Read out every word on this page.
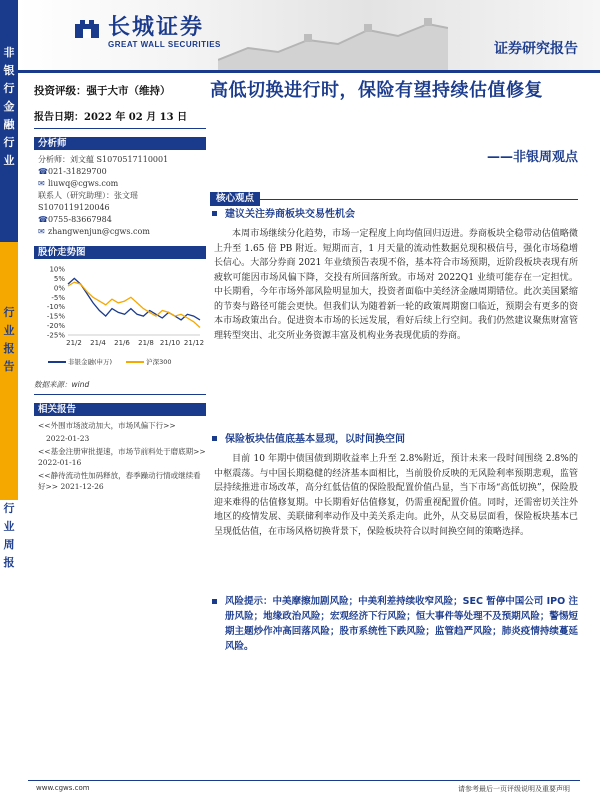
非银行金融行业
行业报告
行业周报
长城证券
GREAT WALL SECURITIES	证券研究报告
投资评级：强于大市（维持）
报告日期：2022 年 02 月 13 日
分析师
分析师：刘文蕴 S1070517110001
☎021-31829700
✉ liuwq@cgws.com
联系人（研究助理）：张文瑶
S1070119120046
☎0755-83667984
✉ zhangwenjun@cgws.com
股价走势图
10%
5%
0%
-5%
-10%
-15%
-20%
-25%
21/2 21/4 21/6 21/8 21/10 21/12
非银金融(申万)	沪深300
数据来源：wind
相关报告
<<外围市场波动加大，市场风偏下行>>
2022-01-23
<<基金注册审批提速，市场节前料处于磨底期>> 2022-01-16
<<静待流动性加码释放，春季躁动行情或继续看好>> 2021-12-26
高低切换进行时，保险有望持续估值修复
——非银周观点
核心观点
建议关注券商板块交易性机会
本周市场继续分化趋势，市场一定程度上向均值回归迈进。券商板块全稳带动估值略微上升至 1.65 倍 PB 附近。短期而言，1 月天量的流动性数据兑现积极信号，强化市场稳增长信心。大部分券商 2021 年业绩预告表现不俗，基本符合市场预期，近阶段板块表现有所疲软可能因市场风偏下降，交投有所回落所致。市场对 2022Q1 业绩可能存在一定担忧。中长期看，今年市场外部风险明显加大，投资者面临中美经济金融周期错位。此次美国紧缩的节奏与路径可能会更快。但我们认为随着新一轮的政策周期窗口临近，预期会有更多的资本市场政策出台。促进资本市场的长远发展，看好后续上行空间。我们仍然建议聚焦财富管理转型突出、北交所业务资源丰富及机构业务表现优质的券商。
保险板块估值底基本显现，以时间换空间
目前 10 年期中债国债到期收益率上升至 2.8%附近，预计未来一段时间围绕 2.8%的中枢震荡。与中国长期稳健的经济基本面相比，当前股价反映的无风险利率预期悲观，监管层持续推进市场改革，高分红低估值的保险股配置价值凸显，当下市场“高低切换”，保险股迎来难得的估值修复期。中长期看好估值修复，仍需重视配置价值。同时，还需密切关注外地区的疫情发展、美联储利率动作及中美关系走向。此外，从交易层面看，保险板块基本已呈现低估值，在市场风格切换背景下，保险板块符合以时间换空间的策略选择。
风险提示：中美摩擦加剧风险；中美利差持续收窄风险；SEC 暂停中国公司 IPO 注册风险；地缘政治风险；宏观经济下行风险；恒大事件等处理不及预期风险；警惕短期主题炒作冲高回落风险；股市系统性下跌风险；监管趋严风险；肺炎疫情持续蔓延风险。
www.cgws.com	请参考最后一页评级说明及重要声明
